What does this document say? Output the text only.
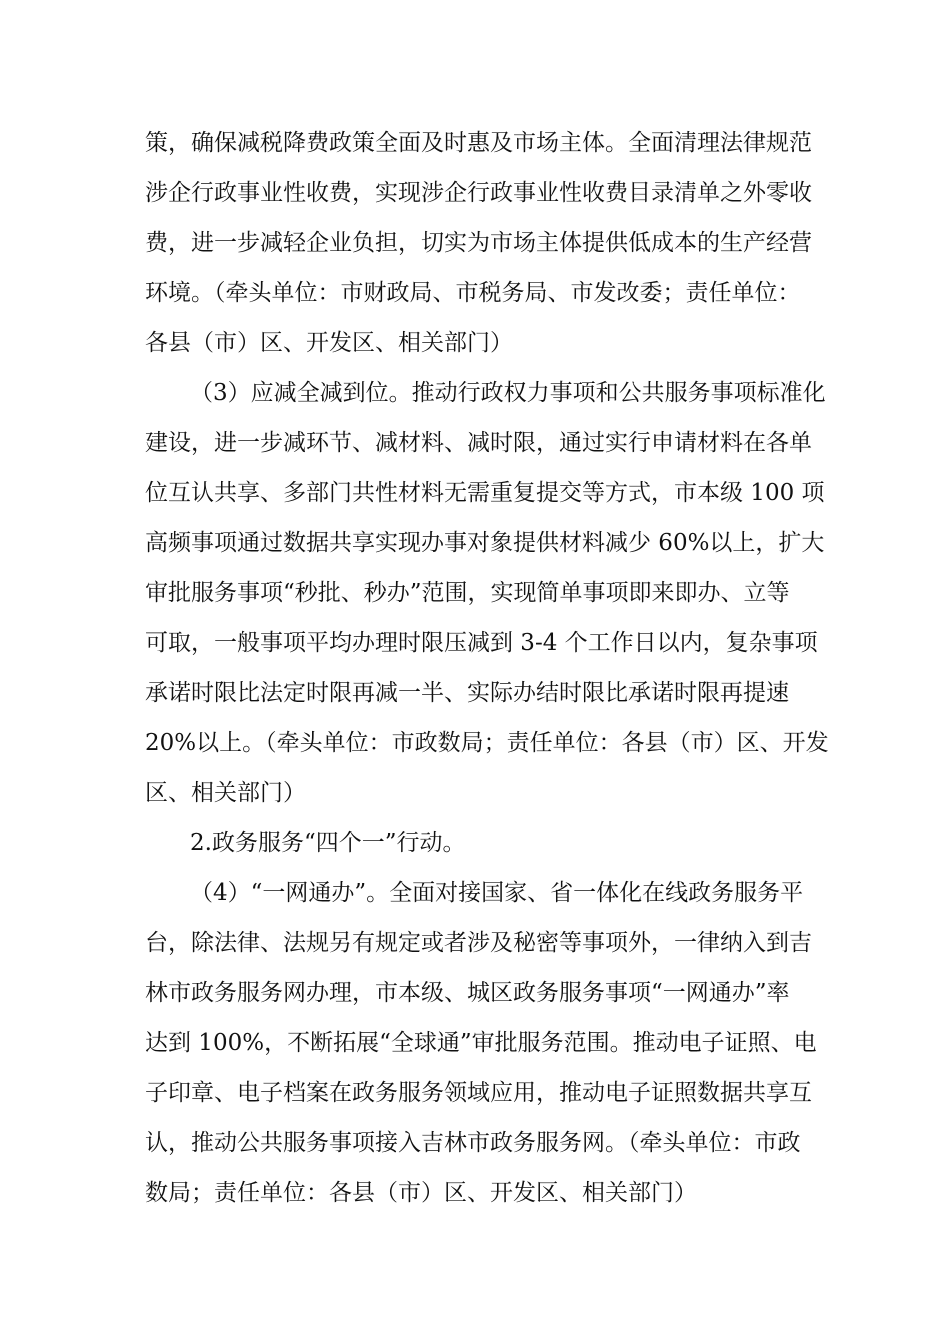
策，确保减税降费政策全面及时惠及市场主体。全面清理法律规范
涉企行政事业性收费，实现涉企行政事业性收费目录清单之外零收
费，进一步减轻企业负担，切实为市场主体提供低成本的生产经营
环境。（牵头单位：市财政局、市税务局、市发改委；责任单位：
各县（市）区、开发区、相关部门）
（3）应减全减到位。推动行政权力事项和公共服务事项标准化
建设，进一步减环节、减材料、减时限，通过实行申请材料在各单
位互认共享、多部门共性材料无需重复提交等方式，市本级 100 项
高频事项通过数据共享实现办事对象提供材料减少 60%以上，扩大
审批服务事项“秒批、秒办”范围，实现简单事项即来即办、立等
可取，一般事项平均办理时限压减到 3-4 个工作日以内，复杂事项
承诺时限比法定时限再减一半、实际办结时限比承诺时限再提速
20%以上。（牵头单位：市政数局；责任单位：各县（市）区、开发
区、相关部门）
2.政务服务“四个一”行动。
（4）“一网通办”。全面对接国家、省一体化在线政务服务平
台，除法律、法规另有规定或者涉及秘密等事项外，一律纳入到吉
林市政务服务网办理，市本级、城区政务服务事项“一网通办”率
达到 100%，不断拓展“全球通”审批服务范围。推动电子证照、电
子印章、电子档案在政务服务领域应用，推动电子证照数据共享互
认，推动公共服务事项接入吉林市政务服务网。（牵头单位：市政
数局；责任单位：各县（市）区、开发区、相关部门）
